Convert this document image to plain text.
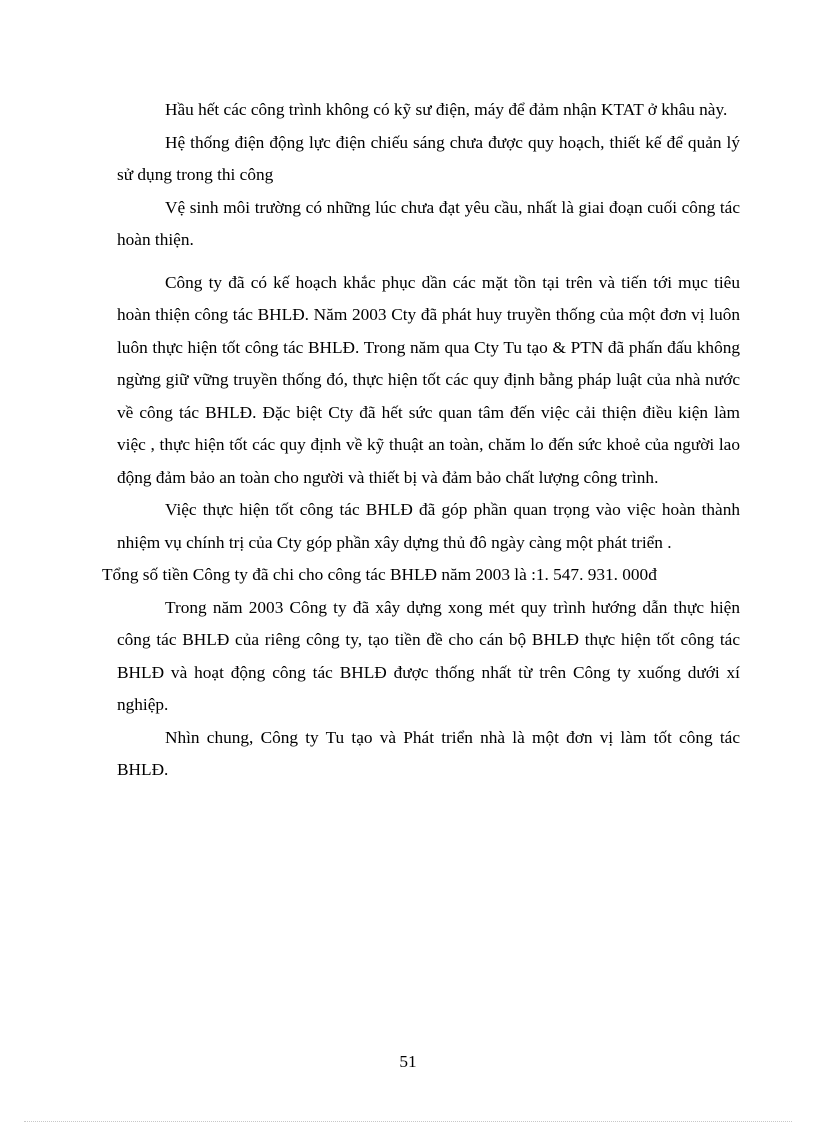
Hầu hết các công trình không có kỹ sư điện, máy để đảm nhận KTAT ở khâu này.

Hệ thống điện động lực điện chiếu sáng chưa được quy hoạch, thiết kế để quản lý sử dụng trong thi công

Vệ sinh môi trường có những lúc chưa đạt yêu cầu, nhất là giai đoạn cuối công tác hoàn thiện.

Công ty đã có kế hoạch khắc phục dần các mặt tồn tại trên và tiến tới mục tiêu hoàn thiện công tác BHLĐ. Năm 2003 Cty đã phát huy truyền thống của một đơn vị luôn luôn thực hiện tốt công tác BHLĐ. Trong năm qua Cty Tu tạo & PTN đã phấn đấu không ngừng giữ vững truyền thống đó, thực hiện tốt các quy định bằng pháp luật của nhà nước về công tác BHLĐ. Đặc biệt Cty đã hết sức quan tâm đến việc cải thiện điều kiện làm việc , thực hiện tốt các quy định về kỹ thuật an toàn, chăm lo đến sức khoẻ của người lao động đảm bảo an toàn cho người và thiết bị và đảm bảo chất lượng công trình.

Việc thực hiện tốt công tác BHLĐ đã góp phần quan trọng vào việc hoàn thành nhiệm vụ chính trị của Cty góp phần xây dựng thủ đô ngày càng một phát triển .

Tổng số tiền Công ty đã chi cho công tác BHLĐ năm 2003 là :1. 547. 931. 000đ

Trong năm 2003 Công ty đã xây dựng xong mét quy trình hướng dẫn thực hiện công tác BHLĐ của riêng công ty, tạo tiền đề cho cán bộ BHLĐ thực hiện tốt công tác BHLĐ và hoạt động công tác BHLĐ được thống nhất từ trên Công ty xuống dưới xí nghiệp.

Nhìn chung, Công ty Tu tạo và Phát triển nhà là một đơn vị làm tốt công tác BHLĐ.

51
